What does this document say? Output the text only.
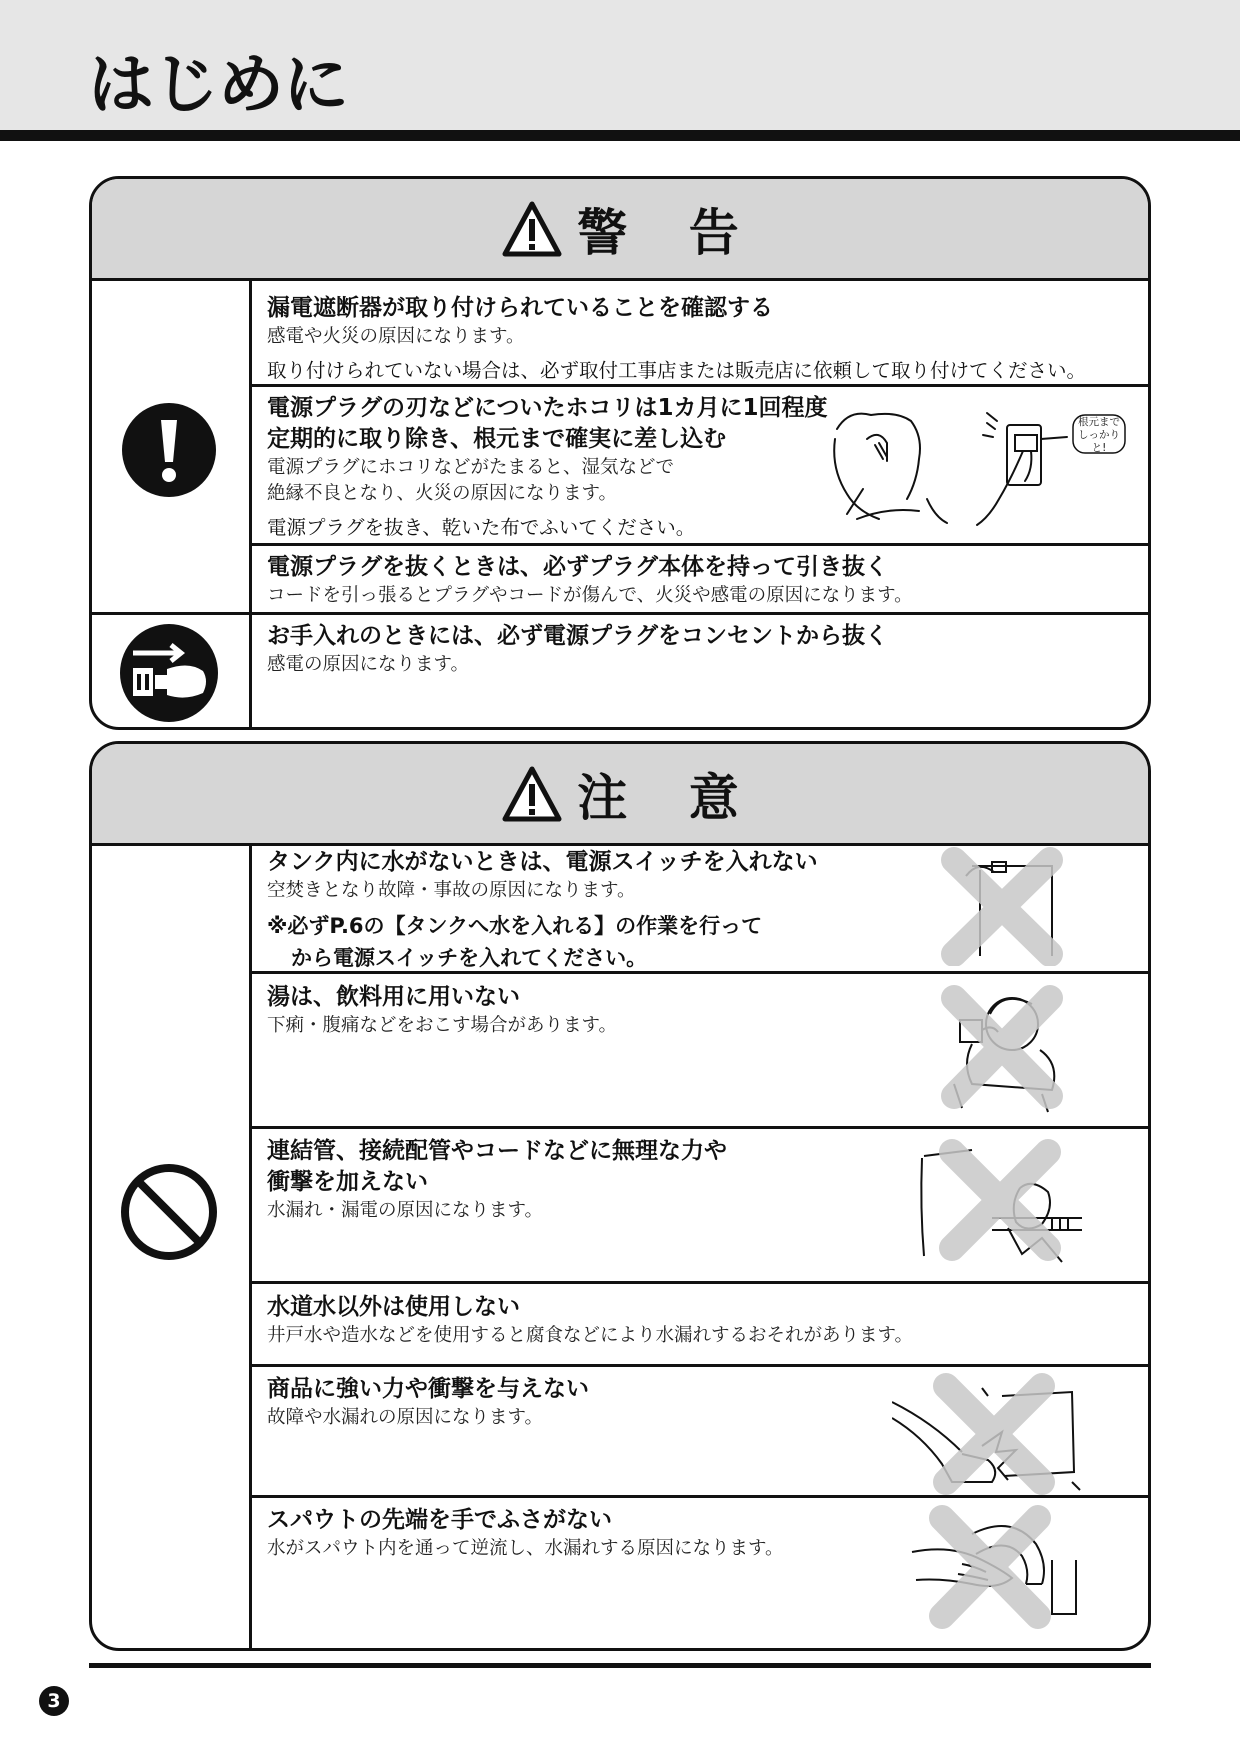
はじめに
警 告
漏電遮断器が取り付けられていることを確認する
感電や火災の原因になります。
取り付けられていない場合は、必ず取付工事店または販売店に依頼して取り付けてください。
電源プラグの刃などについたホコリは1カ月に1回程度
定期的に取り除き、根元まで確実に差し込む
電源プラグにホコリなどがたまると、湿気などで
絶縁不良となり、火災の原因になります。
電源プラグを抜き、乾いた布でふいてください。
根元まで
しっかりと!
電源プラグを抜くときは、必ずプラグ本体を持って引き抜く
コードを引っ張るとプラグやコードが傷んで、火災や感電の原因になります。
お手入れのときには、必ず電源プラグをコンセントから抜く
感電の原因になります。
注 意
タンク内に水がないときは、電源スイッチを入れない
空焚きとなり故障・事故の原因になります。
※必ずP.6の【タンクへ水を入れる】の作業を行って
から電源スイッチを入れてください。
湯は、飲料用に用いない
下痢・腹痛などをおこす場合があります。
連結管、接続配管やコードなどに無理な力や
衝撃を加えない
水漏れ・漏電の原因になります。
水道水以外は使用しない
井戸水や造水などを使用すると腐食などにより水漏れするおそれがあります。
商品に強い力や衝撃を与えない
故障や水漏れの原因になります。
スパウトの先端を手でふさがない
水がスパウト内を通って逆流し、水漏れする原因になります。
3
